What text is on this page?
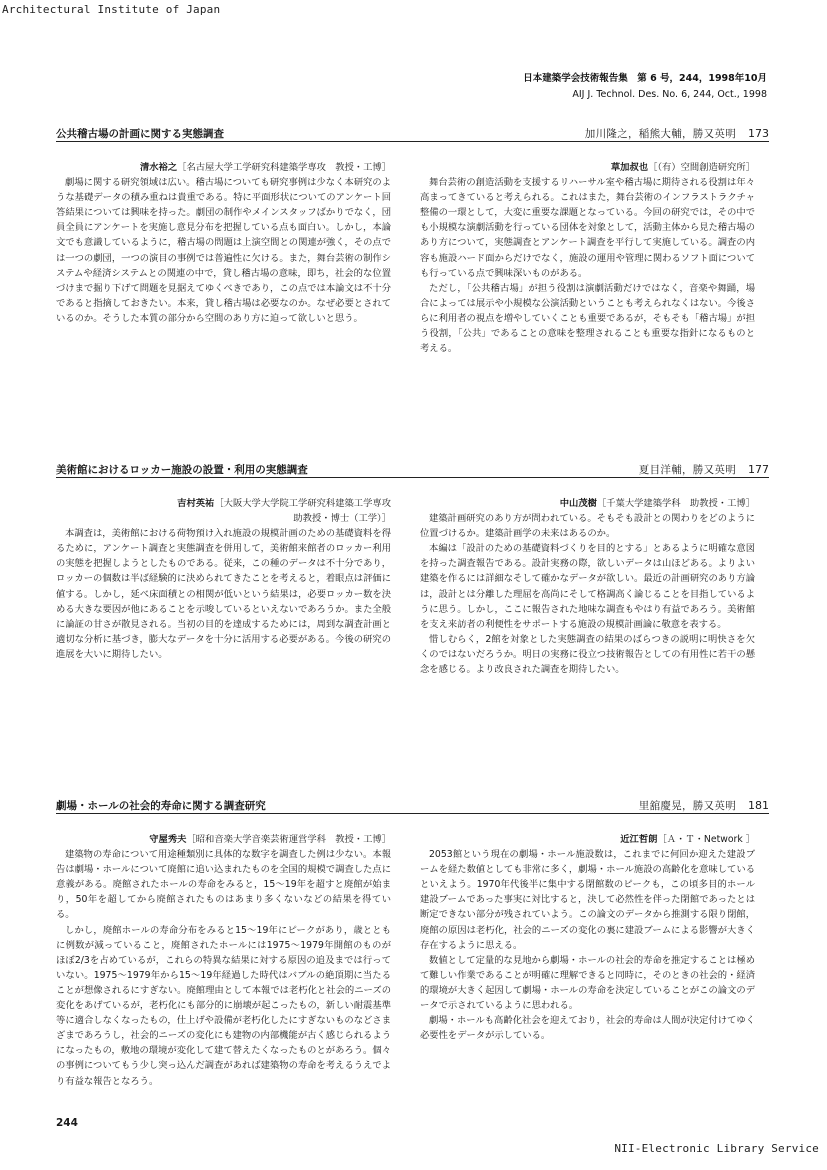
Architectural Institute of Japan
日本建築学会技術報告集　第 6 号，244，1998年10月
AIJ J. Technol. Des. No. 6, 244, Oct., 1998
公共稽古場の計画に関する実態調査	加川隆之，稲熊大輔，勝又英明 173
清水裕之［名古屋大学工学研究科建築学専攻　教授・工博］

劇場に関する研究領域は広い。稽古場についても研究事例は少なく本研究のような基礎データの積み重ねは貴重である。特に平面形状についてのアンケート回答結果については興味を持った。劇団の制作やメインスタッフばかりでなく，団員全員にアンケートを実施し意見分布を把握している点も面白い。しかし，本論文でも意識しているように，稽古場の問題は上演空間との関連が強く，その点では一つの劇団，一つの演目の事例では普遍性に欠ける。また，舞台芸術の制作システムや経済システムとの関連の中で，貸し稽古場の意味，即ち，社会的な位置づけまで掘り下げて問題を見据えてゆくべきであり，この点では本論文は不十分であると指摘しておきたい。本来，貸し稽古場は必要なのか。なぜ必要とされているのか。そうした本質の部分から空間のあり方に迫って欲しいと思う。

草加叔也［（有）空間創造研究所］

舞台芸術の創造活動を支援するリハーサル室や稽古場に期待される役割は年々高まってきていると考えられる。これはまた，舞台芸術のインフラストラクチャ整備の一環として，大変に重要な課題となっている。今回の研究では，その中でも小規模な演劇活動を行っている団体を対象として，活動主体から見た稽古場のあり方について，実態調査とアンケート調査を平行して実施している。調査の内容も施設ハード面からだけでなく，施設の運用や管理に関わるソフト面についても行っている点で興味深いものがある。

ただし，「公共稽古場」が担う役割は演劇活動だけではなく，音楽や舞踊，場合によっては展示や小規模な公演活動ということも考えられなくはない。今後さらに利用者の視点を増やしていくことも重要であるが，そもそも「稽古場」が担う役割，「公共」であることの意味を整理されることも重要な指針になるものと考える。

美術館におけるロッカー施設の設置・利用の実態調査	夏目洋輔，勝又英明 177
吉村英祐［大阪大学大学院工学研究科建築工学専攻
助教授・博士（工学）］

本調査は，美術館における荷物預け入れ施設の規模計画のための基礎資料を得るために，アンケート調査と実態調査を併用して，美術館来館者のロッカー利用の実態を把握しようとしたものである。従来，この種のデータは不十分であり，ロッカーの個数は半ば経験的に決められてきたことを考えると，着眼点は評価に値する。しかし，延べ床面積との相関が低いという結果は，必要ロッカー数を決める大きな要因が他にあることを示唆しているといえないであろうか。また全般に論証の甘さが散見される。当初の目的を達成するためには，周到な調査計画と適切な分析に基づき，膨大なデータを十分に活用する必要がある。今後の研究の進展を大いに期待したい。

中山茂樹［千葉大学建築学科　助教授・工博］

建築計画研究のあり方が問われている。そもそも設計との関わりをどのように位置づけるか。建築計画学の未来はあるのか。

本編は「設計のための基礎資料づくりを目的とする」とあるように明確な意図を持った調査報告である。設計実務の際，欲しいデータは山ほどある。よりよい建築を作るには詳細なそして確かなデータが欲しい。最近の計画研究のあり方論は，設計とは分離した理屈を高尚にそして格調高く論じることを目指しているように思う。しかし，ここに報告された地味な調査もやはり有益であろう。美術館を支え来訪者の利便性をサポートする施設の規模計画論に敬意を表する。

惜しむらく，2館を対象とした実態調査の結果のばらつきの説明に明快さを欠くのではないだろうか。明日の実務に役立つ技術報告としての有用性に若干の懸念を感じる。より改良された調査を期待したい。

劇場・ホールの社会的寿命に関する調査研究	里舘慶晃，勝又英明 181
守屋秀夫［昭和音楽大学音楽芸術運営学科　教授・工博］

建築物の寿命について用途種類別に具体的な数字を調査した例は少ない。本報告は劇場・ホールについて廃館に追い込まれたものを全国的規模で調査した点に意義がある。廃館されたホールの寿命をみると，15～19年を超すと廃館が始まり，50年を超してから廃館されたものはあまり多くないなどの結果を得ている。

しかし，廃館ホールの寿命分布をみると15～19年にピークがあり，歳とともに例数が減っていること，廃館されたホールには1975～1979年開館のものがほぼ2/3を占めているが，これらの特異な結果に対する原因の追及までは行っていない。1975～1979年から15～19年経過した時代はバブルの絶頂期に当たることが想像されるにすぎない。廃館理由として本報では老朽化と社会的ニーズの変化をあげているが，老朽化にも部分的に崩壊が起こったもの，新しい耐震基準等に適合しなくなったもの，仕上げや設備が老朽化したにすぎないものなどさまざまであろうし，社会的ニーズの変化にも建物の内部機能が古く感じられるようになったもの，敷地の環境が変化して建て替えたくなったものとがあろう。個々の事例についてもう少し突っ込んだ調査があれば建築物の寿命を考えるうえでより有益な報告となろう。

近江哲朗［Ａ・Ｔ・Network ］

2053館という現在の劇場・ホール施設数は，これまでに何回か迎えた建設ブームを経た数値としても非常に多く，劇場・ホール施設の高齢化を意味しているといえよう。1970年代後半に集中する閉館数のピークも，この頃多目的ホール建設ブームであった事実に対比すると，決して必然性を伴った閉館であったとは断定できない部分が残されていよう。この論文のデータから推測する限り閉館，廃館の原因は老朽化，社会的ニーズの変化の裏に建設ブームによる影響が大きく存在するように思える。

数値として定量的な見地から劇場・ホールの社会的寿命を推定することは極めて難しい作業であることが明確に理解できると同時に，そのときの社会的・経済的環境が大きく起因して劇場・ホールの寿命を決定していることがこの論文のデータで示されているように思われる。

劇場・ホールも高齢化社会を迎えており，社会的寿命は人間が決定付けてゆく必要性をデータが示している。

244
NII-Electronic Library Service
